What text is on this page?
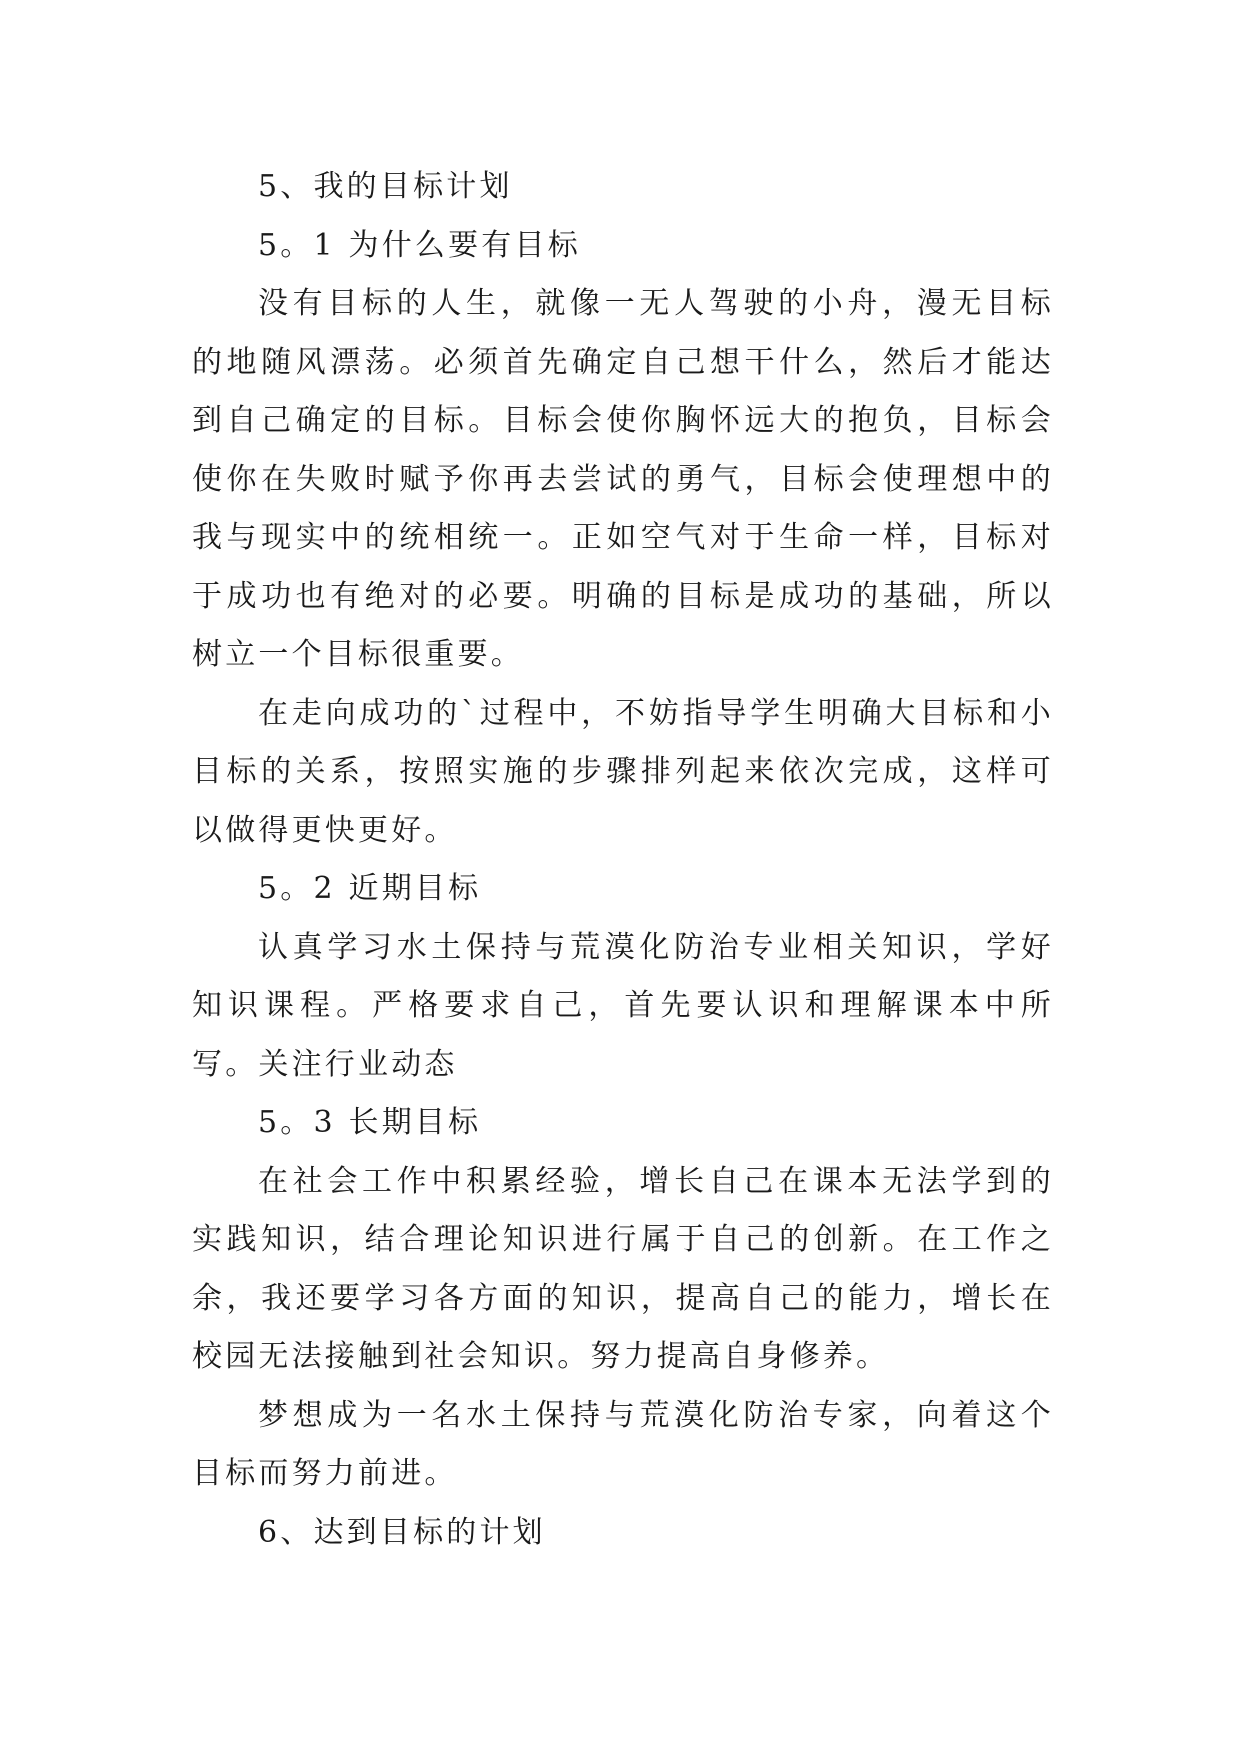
5、我的目标计划

5。1 为什么要有目标

没有目标的人生，就像一无人驾驶的小舟，漫无目标的地随风漂荡。必须首先确定自己想干什么，然后才能达到自己确定的目标。目标会使你胸怀远大的抱负，目标会使你在失败时赋予你再去尝试的勇气，目标会使理想中的我与现实中的统相统一。正如空气对于生命一样，目标对于成功也有绝对的必要。明确的目标是成功的基础，所以树立一个目标很重要。

在走向成功的`过程中，不妨指导学生明确大目标和小目标的关系，按照实施的步骤排列起来依次完成，这样可以做得更快更好。

5。2 近期目标

认真学习水土保持与荒漠化防治专业相关知识，学好知识课程。严格要求自己，首先要认识和理解课本中所写。关注行业动态

5。3 长期目标

在社会工作中积累经验，增长自己在课本无法学到的实践知识，结合理论知识进行属于自己的创新。在工作之余，我还要学习各方面的知识，提高自己的能力，增长在校园无法接触到社会知识。努力提高自身修养。

梦想成为一名水土保持与荒漠化防治专家，向着这个目标而努力前进。

6、达到目标的计划
